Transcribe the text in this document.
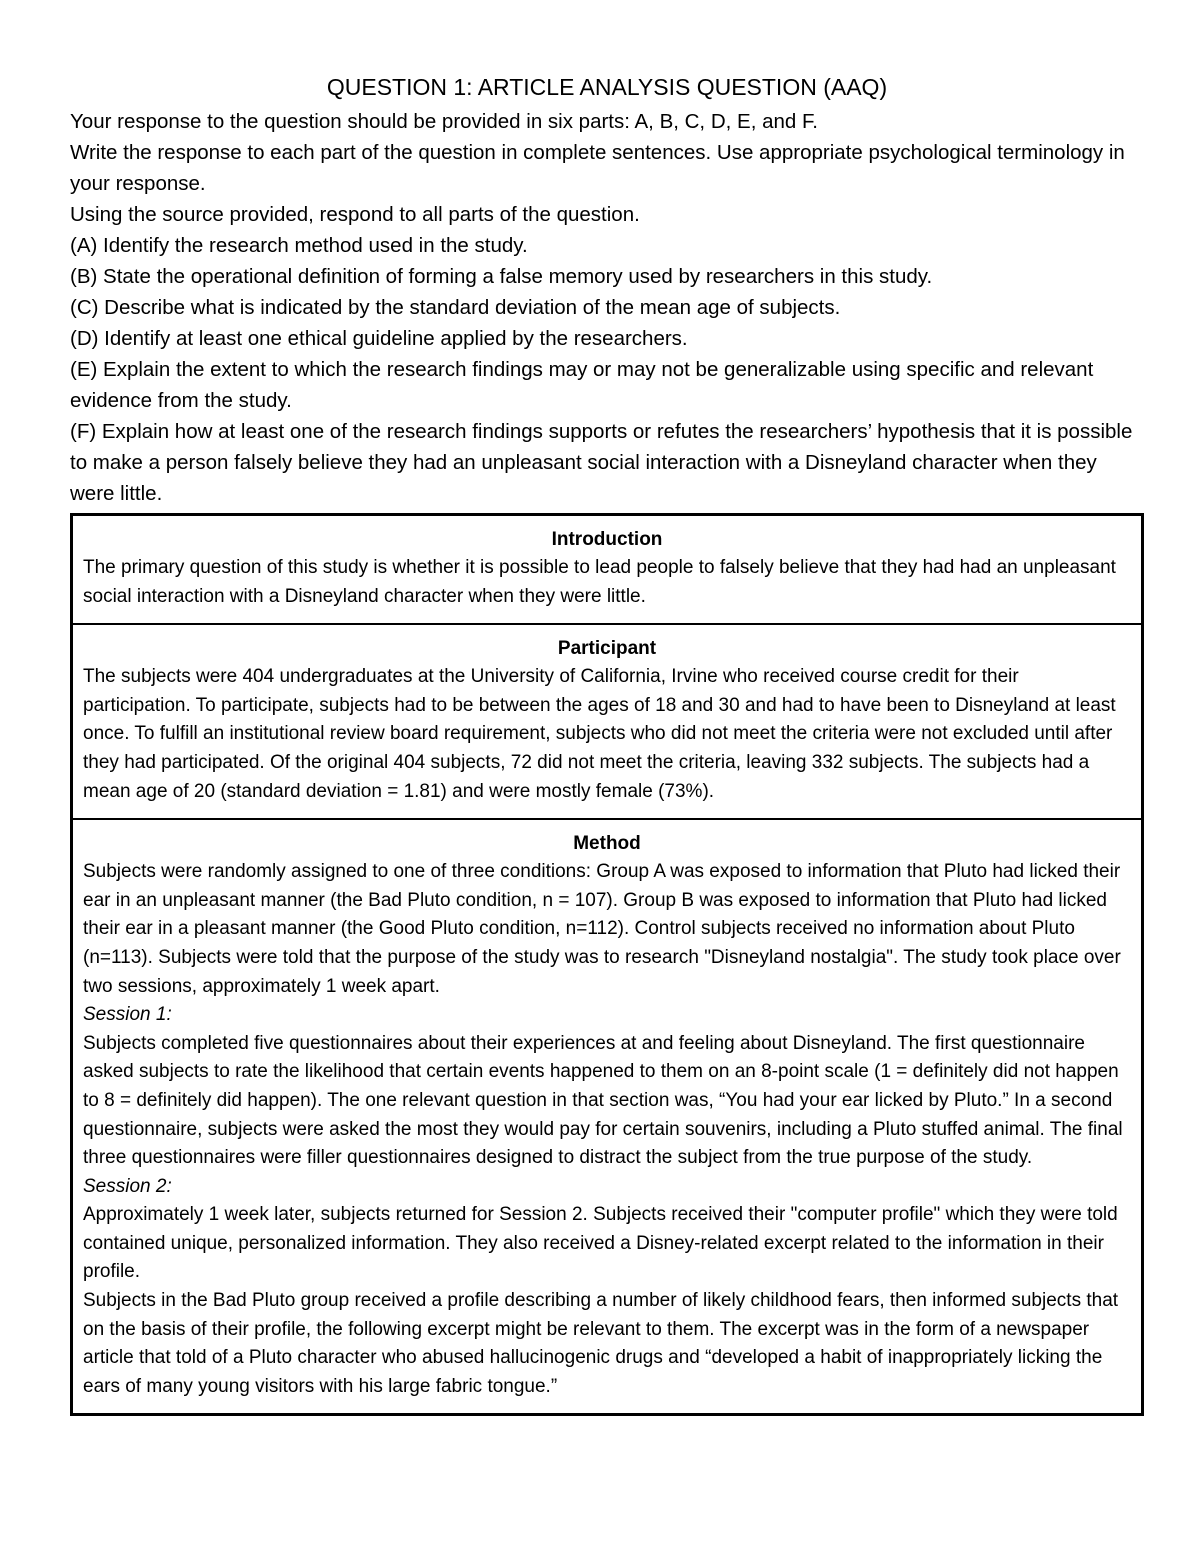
QUESTION 1: ARTICLE ANALYSIS QUESTION (AAQ)

Your response to the question should be provided in six parts: A, B, C, D, E, and F.

Write the response to each part of the question in complete sentences. Use appropriate psychological terminology in your response.

Using the source provided, respond to all parts of the question.

(A) Identify the research method used in the study.

(B) State the operational definition of forming a false memory used by researchers in this study.

(C) Describe what is indicated by the standard deviation of the mean age of subjects.

(D) Identify at least one ethical guideline applied by the researchers.

(E) Explain the extent to which the research findings may or may not be generalizable using specific and relevant evidence from the study.

(F) Explain how at least one of the research findings supports or refutes the researchers’ hypothesis that it is possible to make a person falsely believe they had an unpleasant social interaction with a Disneyland character when they were little.

Introduction

The primary question of this study is whether it is possible to lead people to falsely believe that they had had an unpleasant social interaction with a Disneyland character when they were little.

Participant

The subjects were 404 undergraduates at the University of California, Irvine who received course credit for their participation. To participate, subjects had to be between the ages of 18 and 30 and had to have been to Disneyland at least once. To fulfill an institutional review board requirement, subjects who did not meet the criteria were not excluded until after they had participated. Of the original 404 subjects, 72 did not meet the criteria, leaving 332 subjects. The subjects had a mean age of 20 (standard deviation = 1.81) and were mostly female (73%).

Method

Subjects were randomly assigned to one of three conditions: Group A was exposed to information that Pluto had licked their ear in an unpleasant manner (the Bad Pluto condition, n = 107). Group B was exposed to information that Pluto had licked their ear in a pleasant manner (the Good Pluto condition, n=112). Control subjects received no information about Pluto (n=113). Subjects were told that the purpose of the study was to research "Disneyland nostalgia". The study took place over two sessions, approximately 1 week apart.

Session 1:

Subjects completed five questionnaires about their experiences at and feeling about Disneyland. The first questionnaire asked subjects to rate the likelihood that certain events happened to them on an 8-point scale (1 = definitely did not happen to 8 = definitely did happen). The one relevant question in that section was, “You had your ear licked by Pluto.” In a second questionnaire, subjects were asked the most they would pay for certain souvenirs, including a Pluto stuffed animal. The final three questionnaires were filler questionnaires designed to distract the subject from the true purpose of the study.

Session 2:

Approximately 1 week later, subjects returned for Session 2. Subjects received their "computer profile" which they were told contained unique, personalized information. They also received a Disney-related excerpt related to the information in their profile.

Subjects in the Bad Pluto group received a profile describing a number of likely childhood fears, then informed subjects that on the basis of their profile, the following excerpt might be relevant to them. The excerpt was in the form of a newspaper article that told of a Pluto character who abused hallucinogenic drugs and “developed a habit of inappropriately licking the ears of many young visitors with his large fabric tongue.”
